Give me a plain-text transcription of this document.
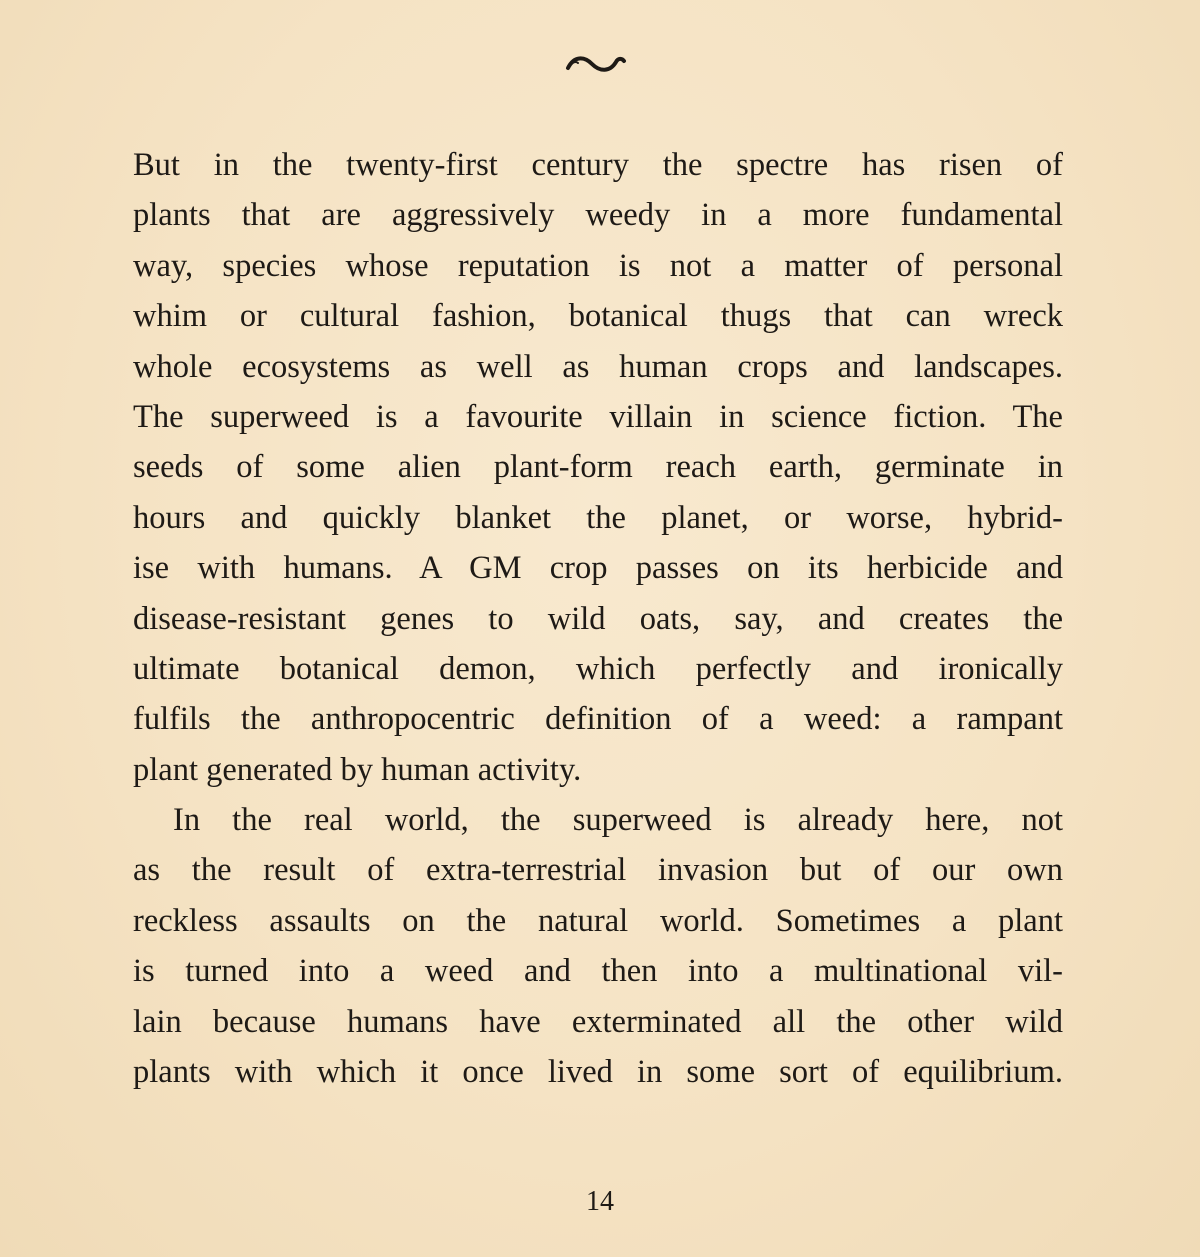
But in the twenty-first century the spectre has risen of
plants that are aggressively weedy in a more fundamental
way, species whose reputation is not a matter of personal
whim or cultural fashion, botanical thugs that can wreck
whole ecosystems as well as human crops and landscapes.
The superweed is a favourite villain in science fiction. The
seeds of some alien plant-form reach earth, germinate in
hours and quickly blanket the planet, or worse, hybrid-
ise with humans. A GM crop passes on its herbicide and
disease-resistant genes to wild oats, say, and creates the
ultimate botanical demon, which perfectly and ironically
fulfils the anthropocentric definition of a weed: a rampant
plant generated by human activity.
In the real world, the superweed is already here, not
as the result of extra-terrestrial invasion but of our own
reckless assaults on the natural world. Sometimes a plant
is turned into a weed and then into a multinational vil-
lain because humans have exterminated all the other wild
plants with which it once lived in some sort of equilibrium.
14
